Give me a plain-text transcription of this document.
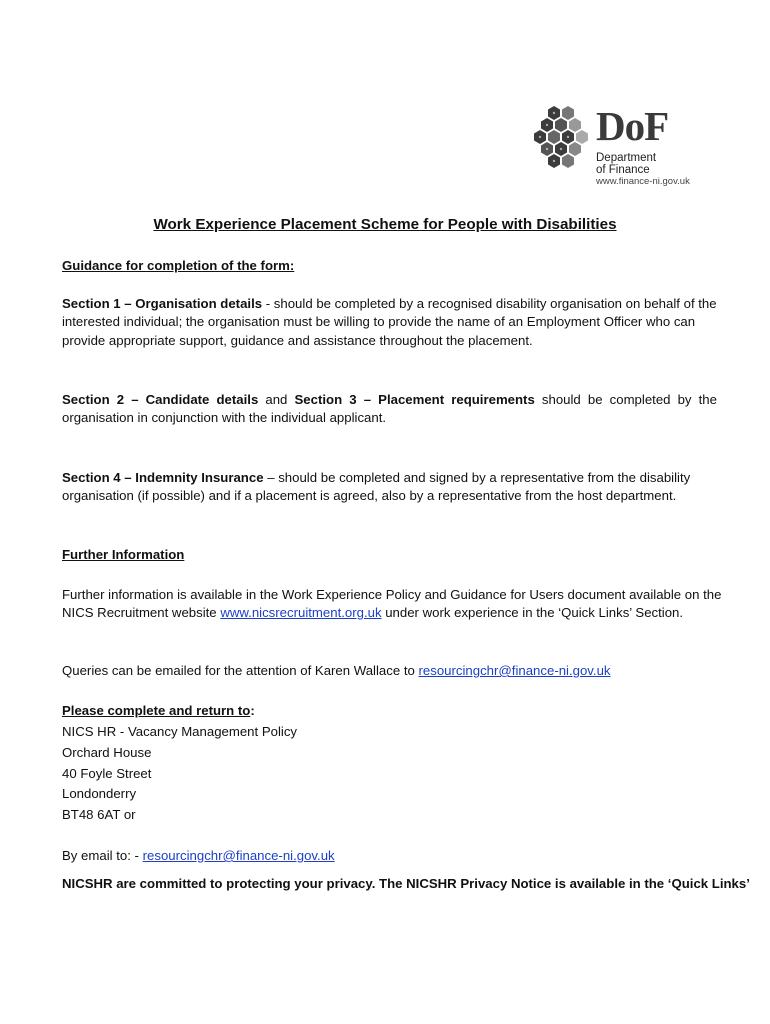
DoF
Department
of Finance
www.finance-ni.gov.uk
Work Experience Placement Scheme for People with Disabilities
Guidance for completion of the form:
Section 1 – Organisation details - should be completed by a recognised disability organisation on behalf of the interested individual; the organisation must be willing to provide the name of an Employment Officer who can provide appropriate support, guidance and assistance throughout the placement.
Section 2 – Candidate details and Section 3 – Placement requirements should be completed by the organisation in conjunction with the individual applicant.
Section 4 – Indemnity Insurance – should be completed and signed by a representative from the disability organisation (if possible) and if a placement is agreed, also by a representative from the host department.
Further Information
Further information is available in the Work Experience Policy and Guidance for Users document available on the NICS Recruitment website www.nicsrecruitment.org.uk under work experience in the ‘Quick Links’ Section.
Queries can be emailed for the attention of Karen Wallace to resourcingchr@finance-ni.gov.uk
Please complete and return to:
NICS HR - Vacancy Management Policy
Orchard House
40 Foyle Street
Londonderry
BT48 6AT or
By email to: - resourcingchr@finance-ni.gov.uk
NICSHR are committed to protecting your privacy. The NICSHR Privacy Notice is available in the ‘Quick Links’
